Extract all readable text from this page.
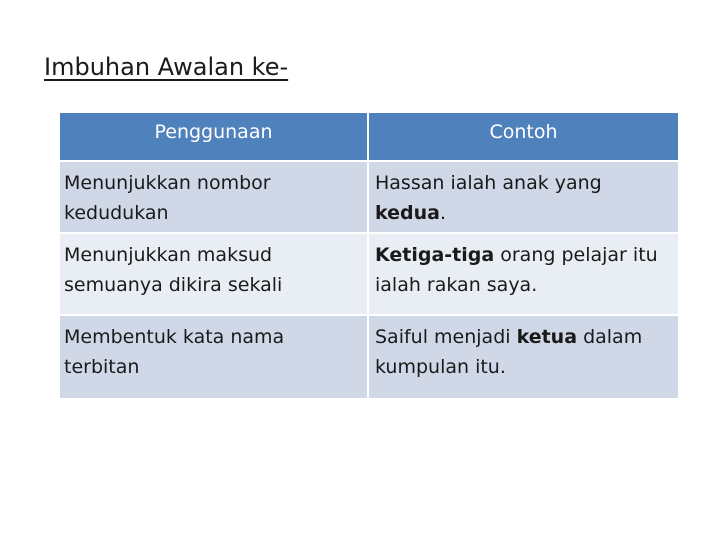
Imbuhan Awalan ke-
Penggunaan	Contoh
Menunjukkan nombor kedudukan	Hassan ialah anak yang kedua.
Menunjukkan maksud semuanya dikira sekali	Ketiga-tiga orang pelajar itu ialah rakan saya.
Membentuk kata nama terbitan	Saiful menjadi ketua dalam kumpulan itu.
